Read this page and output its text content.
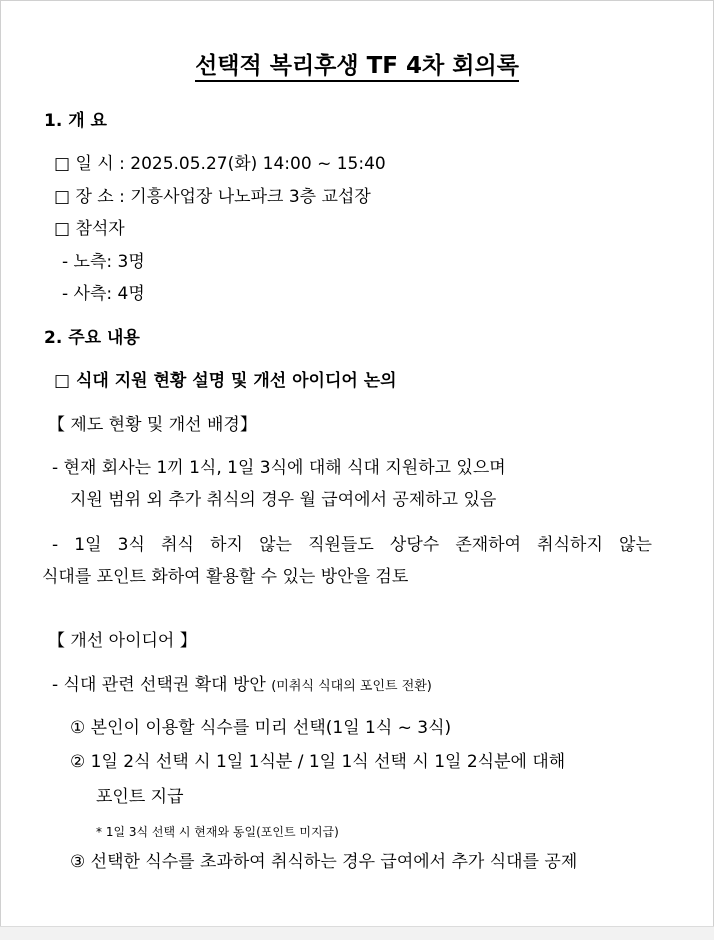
선택적 복리후생 TF 4차 회의록
1. 개 요
□ 일 시 : 2025.05.27(화) 14:00 ~ 15:40
□ 장 소 : 기흥사업장 나노파크 3층 교섭장
□ 참석자
- 노측: 3명
- 사측: 4명
2. 주요 내용
□ 식대 지원 현황 설명 및 개선 아이디어 논의
【 제도 현황 및 개선 배경】
- 현재 회사는 1끼 1식, 1일 3식에 대해 식대 지원하고 있으며
지원 범위 외 추가 취식의 경우 월 급여에서 공제하고 있음
- 1일 3식 취식 하지 않는 직원들도 상당수 존재하여 취식하지 않는
식대를 포인트 화하여 활용할 수 있는 방안을 검토
【 개선 아이디어 】
- 식대 관련 선택권 확대 방안 (미취식 식대의 포인트 전환)
① 본인이 이용할 식수를 미리 선택(1일 1식 ~ 3식)
② 1일 2식 선택 시 1일 1식분 / 1일 1식 선택 시 1일 2식분에 대해
포인트 지급
* 1일 3식 선택 시 현재와 동일(포인트 미지급)
③ 선택한 식수를 초과하여 취식하는 경우 급여에서 추가 식대를 공제
